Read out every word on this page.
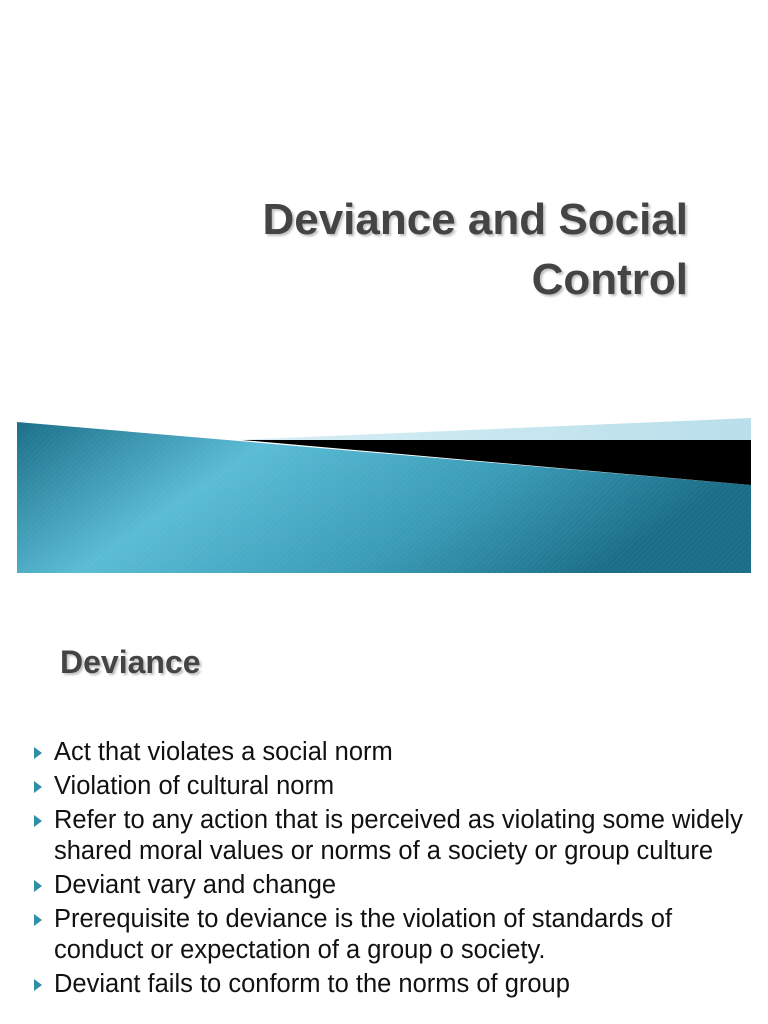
Deviance and Social
Control
Deviance
Act that violates a social norm
Violation of cultural norm
Refer to any action that is perceived as violating some widely shared moral values or norms of a society or group culture
Deviant vary and change
Prerequisite to deviance is the violation of standards of conduct or expectation of a group o society.
Deviant fails to conform to the norms of group
